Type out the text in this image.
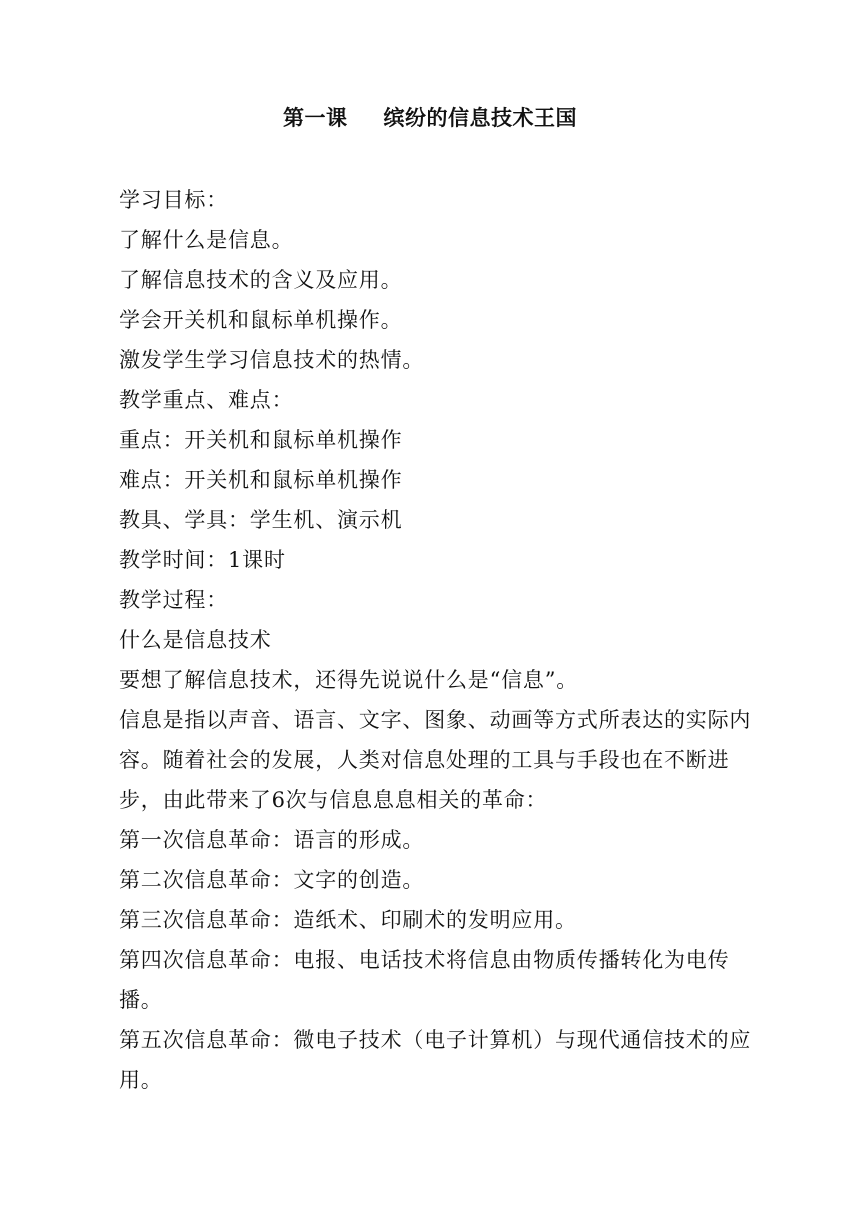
第一课 缤纷的信息技术王国

学习目标：

了解什么是信息。

了解信息技术的含义及应用。

学会开关机和鼠标单机操作。

激发学生学习信息技术的热情。

教学重点、难点：

重点：开关机和鼠标单机操作

难点：开关机和鼠标单机操作

教具、学具：学生机、演示机

教学时间：1课时

教学过程：

什么是信息技术

要想了解信息技术，还得先说说什么是“信息”。

信息是指以声音、语言、文字、图象、动画等方式所表达的实际内容。随着社会的发展，人类对信息处理的工具与手段也在不断进步，由此带来了6次与信息息息相关的革命：

第一次信息革命：语言的形成。

第二次信息革命：文字的创造。

第三次信息革命：造纸术、印刷术的发明应用。

第四次信息革命：电报、电话技术将信息由物质传播转化为电传播。

第五次信息革命：微电子技术（电子计算机）与现代通信技术的应用。
